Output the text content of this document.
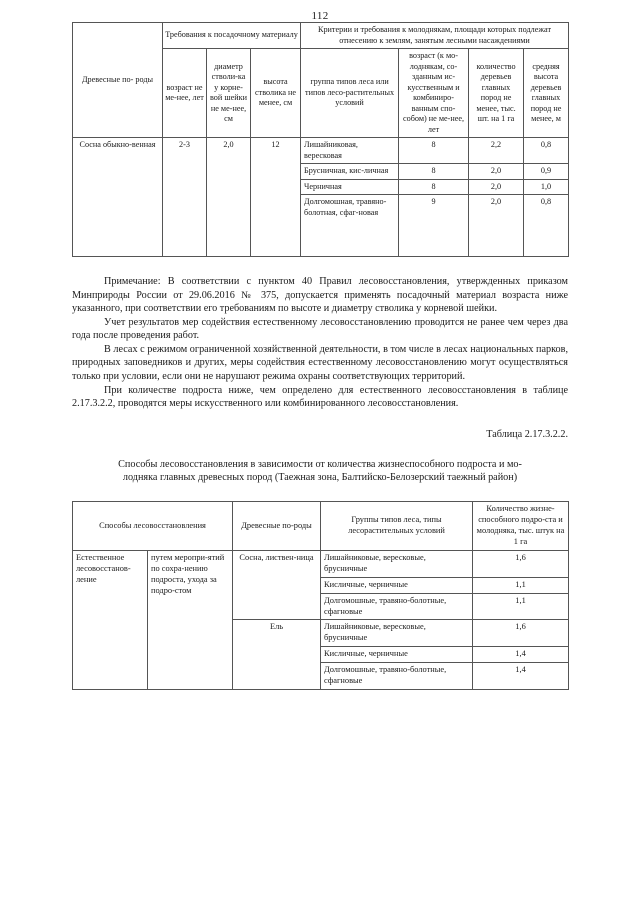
112
Древесные по- роды	Требования к посадочному материалу			Критерии и требования к молоднякам, площади которых подлежат отнесению к землям, занятым лесными насаждениями			
	возраст не ме-нее, лет	диаметр стволи-ка у корне-вой шейки не ме-нее, см	высота стволика не менее, см	группа типов леса или типов лесо-растительных условий	возраст (к мо-лоднякам, со-зданным ис-кусственным и комбиниро-ванным спо-собом) не ме-нее, лет	количество деревьев главных пород не менее, тыс. шт. на 1 га	средняя высота деревьев главных пород не менее, м
Сосна обыкно-венная	2-3	2,0	12	Лишайниковая, вересковая	8	2,2	0,8
				Брусничная, кис-личная	8	2,0	0,9
				Черничная	8	2,0	1,0
				Долгомошная, травяно-болотная, сфаг-новая	9	2,0	0,8

Примечание: В соответствии с пунктом 40 Правил лесовосстановления, утвержденных приказом Минприроды России от 29.06.2016 № 375, допускается применять посадочный материал возраста ниже указанного, при соответствии его требованиям по высоте и диаметру стволика у корневой шейки.

Учет результатов мер содействия естественному лесовосстановлению проводится не ранее чем через два года после проведения работ.

В лесах с режимом ограниченной хозяйственной деятельности, в том числе в лесах национальных парков, природных заповедников и других, меры содействия естественному лесовосстановлению могут осуществляться только при условии, если они не нарушают режима охраны соответствующих территорий.

При количестве подроста ниже, чем определено для естественного лесовосстановления в таблице 2.17.3.2.2, проводятся меры искусственного или комбинированного лесовосстановления.

Таблица 2.17.3.2.2.
Способы лесовосстановления в зависимости от количества жизнеспособного подроста и мо-
лодняка главных древесных пород (Таежная зона, Балтийско-Белозерский таежный район)
Способы лесовосстановления		Древесные по-роды	Группы типов леса, типы лесорастительных условий	Количество жизне-способного подро-ста и молодняка, тыс. штук на 1 га
Естественное лесовосстанов-ление	путем меропри-ятий по сохра-нению подроста, ухода за подро-стом	Сосна, листвен-ница	Лишайниковые, вересковые, брусничные	1,6
			Кисличные, черничные	1,1
			Долгомошные, травяно-болотные, сфагновые	1,1
		Ель	Лишайниковые, вересковые, брусничные	1,6
			Кисличные, черничные	1,4
			Долгомошные, травяно-болотные, сфагновые	1,4
